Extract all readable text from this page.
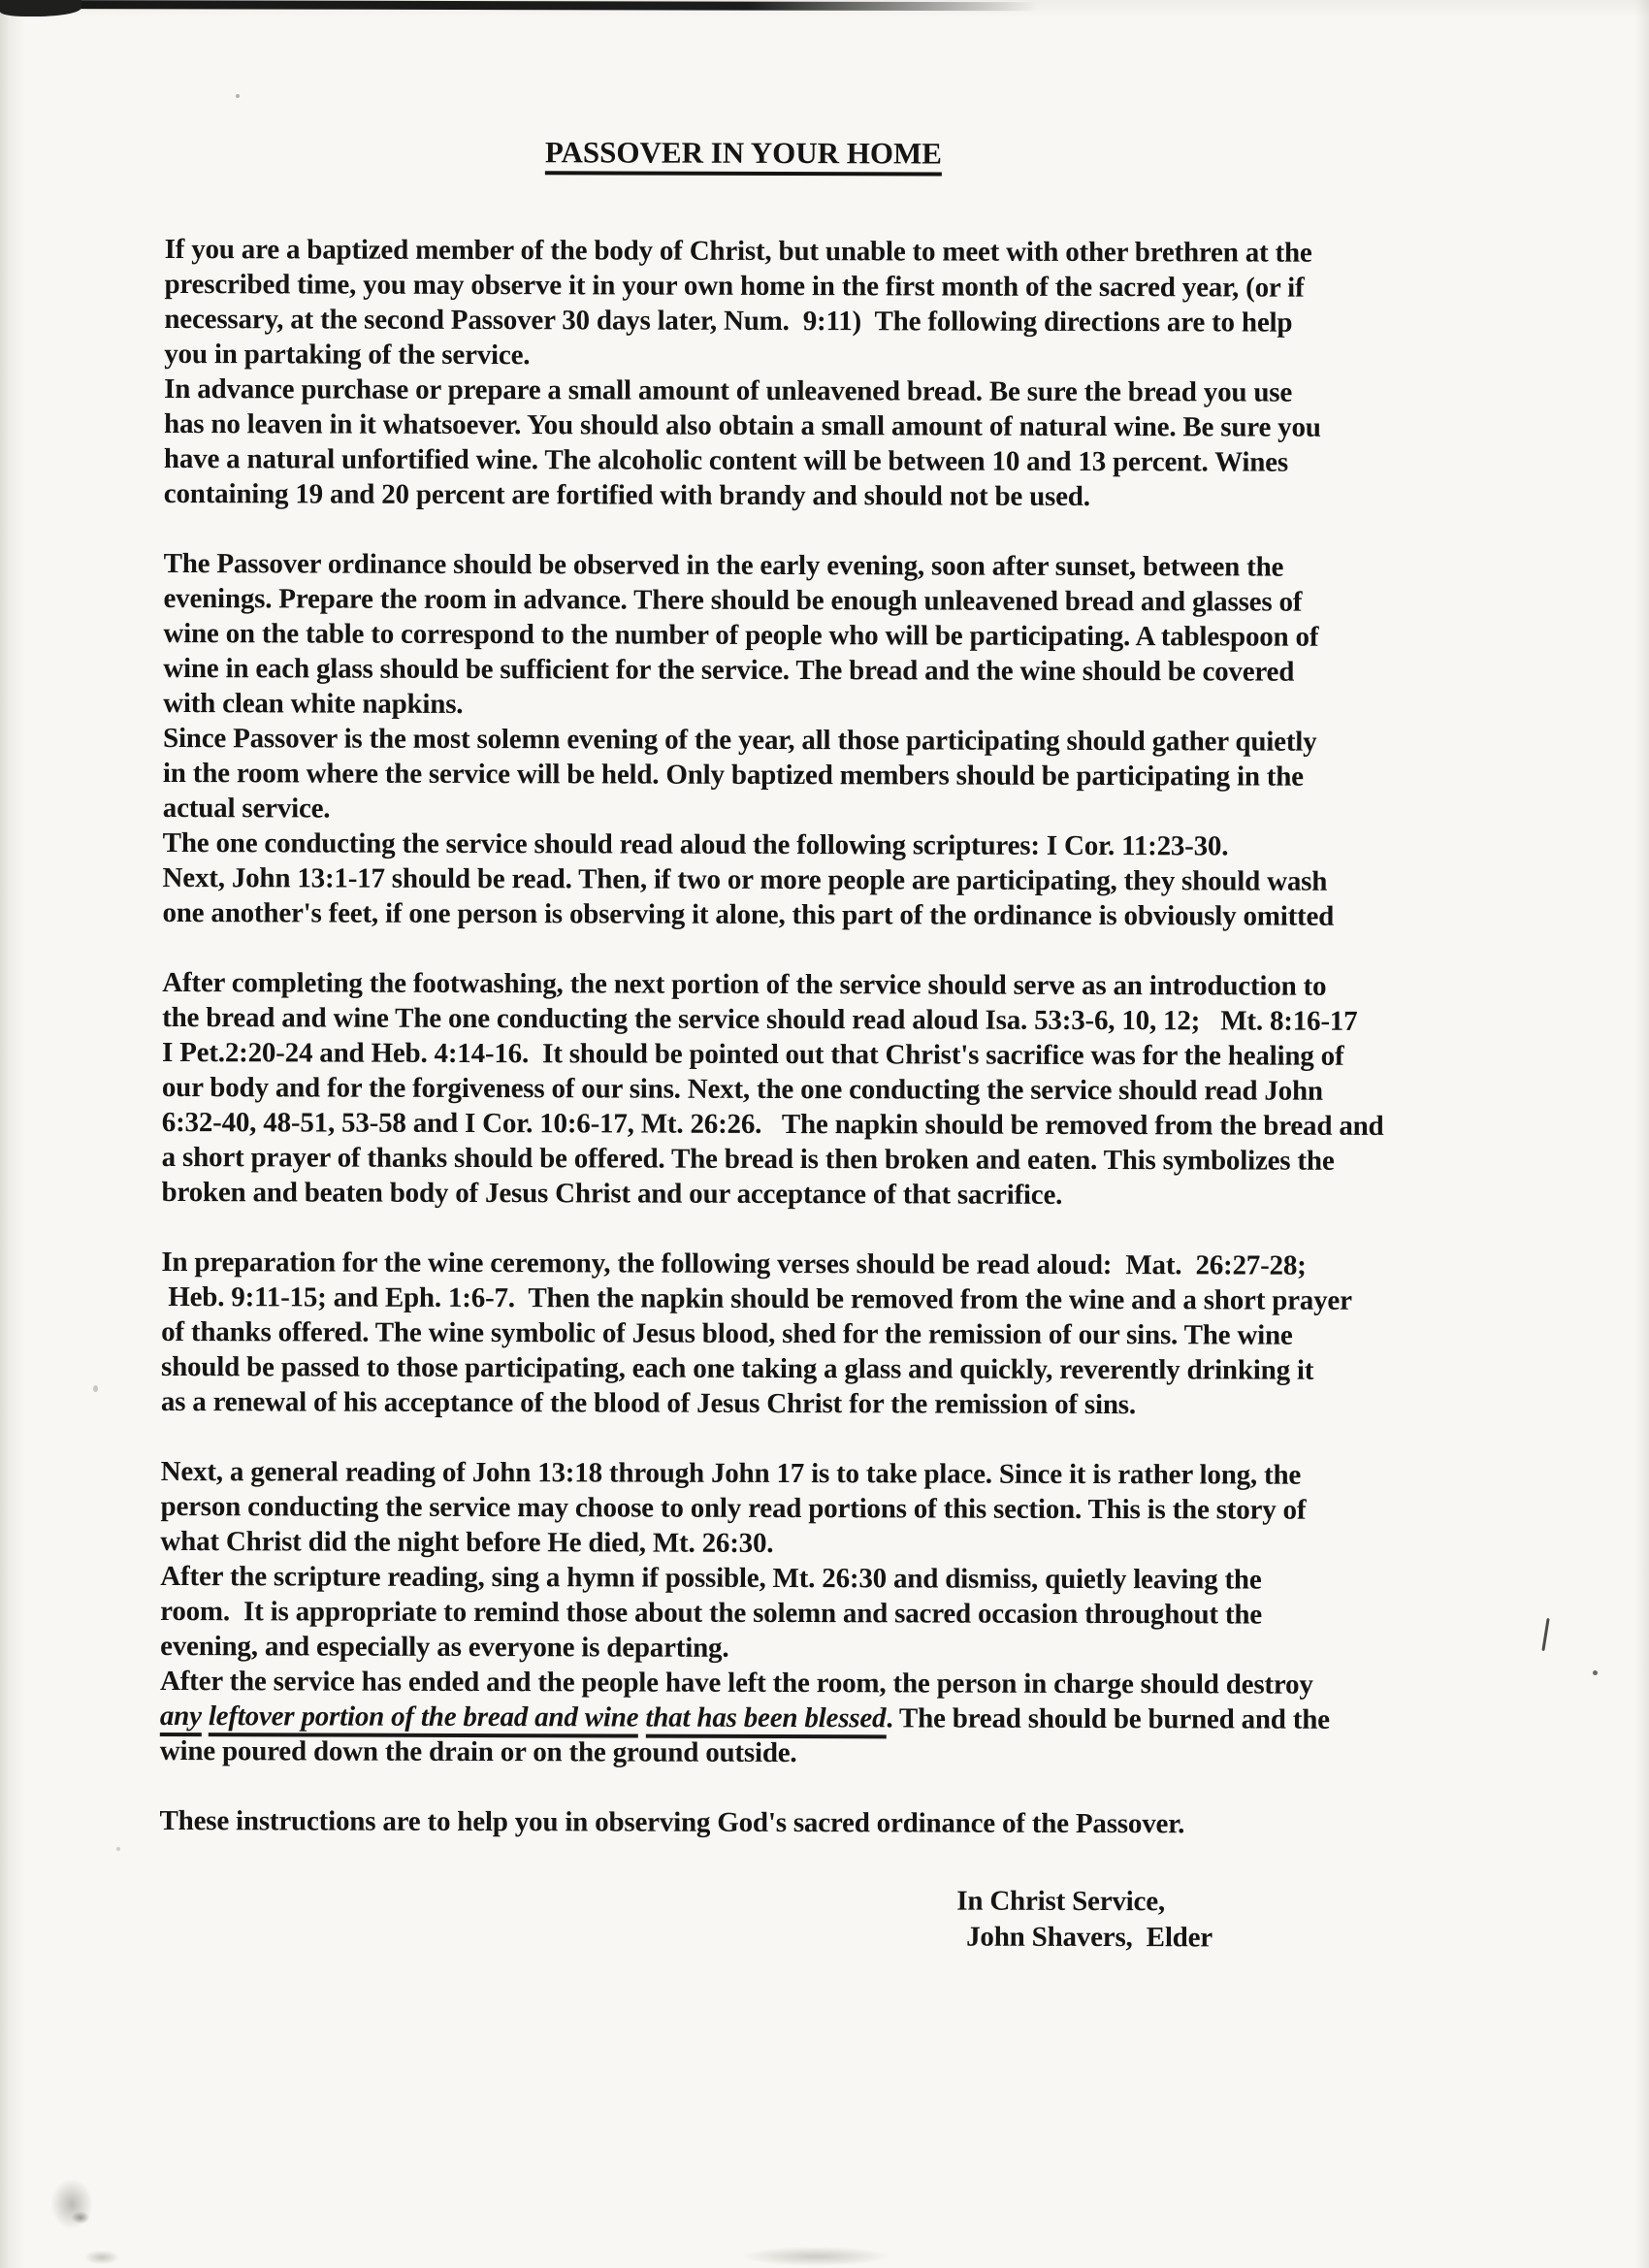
PASSOVER IN YOUR HOME

If you are a baptized member of the body of Christ, but unable to meet with other brethren at the
prescribed time, you may observe it in your own home in the first month of the sacred year, (or if
necessary, at the second Passover 30 days later, Num.  9:11)  The following directions are to help
you in partaking of the service.
In advance purchase or prepare a small amount of unleavened bread. Be sure the bread you use
has no leaven in it whatsoever. You should also obtain a small amount of natural wine. Be sure you
have a natural unfortified wine. The alcoholic content will be between 10 and 13 percent. Wines
containing 19 and 20 percent are fortified with brandy and should not be used.

The Passover ordinance should be observed in the early evening, soon after sunset, between the
evenings. Prepare the room in advance. There should be enough unleavened bread and glasses of
wine on the table to correspond to the number of people who will be participating. A tablespoon of
wine in each glass should be sufficient for the service. The bread and the wine should be covered
with clean white napkins.
Since Passover is the most solemn evening of the year, all those participating should gather quietly
in the room where the service will be held. Only baptized members should be participating in the
actual service.
The one conducting the service should read aloud the following scriptures: I Cor. 11:23-30.
Next, John 13:1-17 should be read. Then, if two or more people are participating, they should wash
one another's feet, if one person is observing it alone, this part of the ordinance is obviously omitted

After completing the footwashing, the next portion of the service should serve as an introduction to
the bread and wine The one conducting the service should read aloud Isa. 53:3-6, 10, 12;   Mt. 8:16-17
I Pet.2:20-24 and Heb. 4:14-16.  It should be pointed out that Christ's sacrifice was for the healing of
our body and for the forgiveness of our sins. Next, the one conducting the service should read John
6:32-40, 48-51, 53-58 and I Cor. 10:6-17, Mt. 26:26.   The napkin should be removed from the bread and
a short prayer of thanks should be offered. The bread is then broken and eaten. This symbolizes the
broken and beaten body of Jesus Christ and our acceptance of that sacrifice.

In preparation for the wine ceremony, the following verses should be read aloud:  Mat.  26:27-28;
Heb. 9:11-15; and Eph. 1:6-7.  Then the napkin should be removed from the wine and a short prayer
of thanks offered. The wine symbolic of Jesus blood, shed for the remission of our sins. The wine
should be passed to those participating, each one taking a glass and quickly, reverently drinking it
as a renewal of his acceptance of the blood of Jesus Christ for the remission of sins.

Next, a general reading of John 13:18 through John 17 is to take place. Since it is rather long, the
person conducting the service may choose to only read portions of this section. This is the story of
what Christ did the night before He died, Mt. 26:30.
After the scripture reading, sing a hymn if possible, Mt. 26:30 and dismiss, quietly leaving the
room.  It is appropriate to remind those about the solemn and sacred occasion throughout the
evening, and especially as everyone is departing.
After the service has ended and the people have left the room, the person in charge should destroy
any leftover portion of the bread and wine that has been blessed. The bread should be burned and the
wine poured down the drain or on the ground outside.

These instructions are to help you in observing God's sacred ordinance of the Passover.

In Christ Service,
John Shavers,  Elder
